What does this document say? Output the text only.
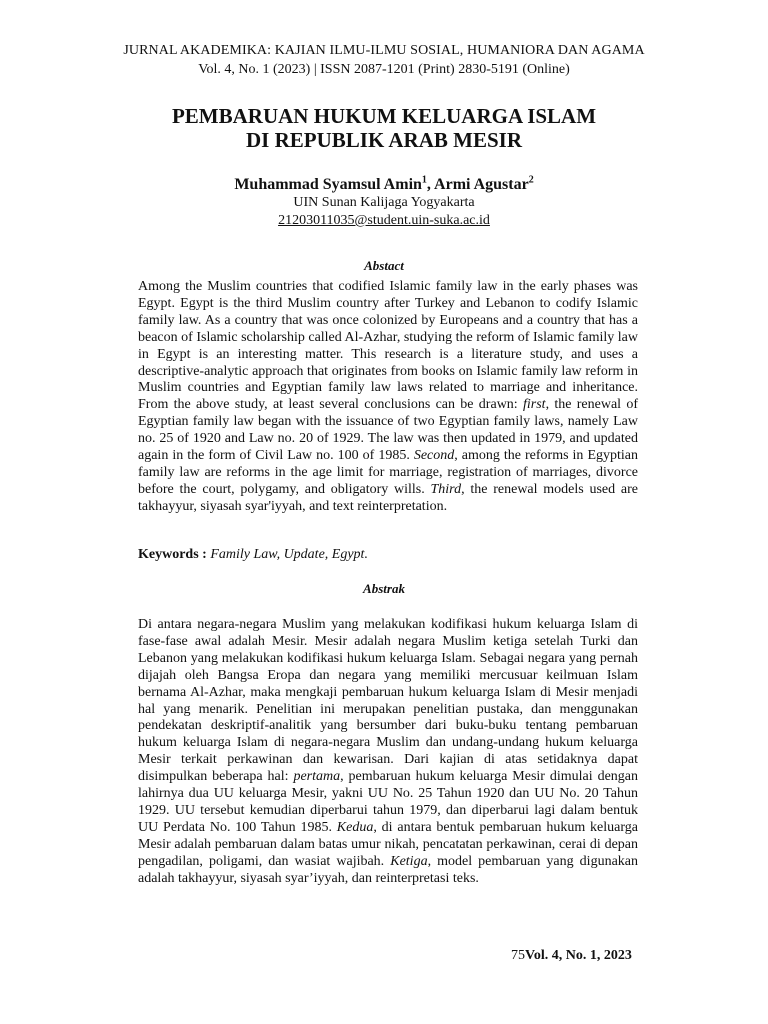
JURNAL AKADEMIKA: KAJIAN ILMU-ILMU SOSIAL, HUMANIORA DAN AGAMA
Vol. 4, No. 1 (2023) | ISSN 2087-1201 (Print) 2830-5191 (Online)
PEMBARUAN HUKUM KELUARGA ISLAM
DI REPUBLIK ARAB MESIR
Muhammad Syamsul Amin$^1$, Armi Agustar$^2$
UIN Sunan Kalijaga Yogyakarta
21203011035@student.uin-suka.ac.id
Abstact
Among the Muslim countries that codified Islamic family law in the early phases was Egypt. Egypt is the third Muslim country after Turkey and Lebanon to codify Islamic family law. As a country that was once colonized by Europeans and a country that has a beacon of Islamic scholarship called Al-Azhar, studying the reform of Islamic family law in Egypt is an interesting matter. This research is a literature study, and uses a descriptive-analytic approach that originates from books on Islamic family law reform in Muslim countries and Egyptian family law laws related to marriage and inheritance. From the above study, at least several conclusions can be drawn: first, the renewal of Egyptian family law began with the issuance of two Egyptian family laws, namely Law no. 25 of 1920 and Law no. 20 of 1929. The law was then updated in 1979, and updated again in the form of Civil Law no. 100 of 1985. Second, among the reforms in Egyptian family law are reforms in the age limit for marriage, registration of marriages, divorce before the court, polygamy, and obligatory wills. Third, the renewal models used are takhayyur, siyasah syar'iyyah, and text reinterpretation.
Keywords : Family Law, Update, Egypt.
Abstrak
Di antara negara-negara Muslim yang melakukan kodifikasi hukum keluarga Islam di fase-fase awal adalah Mesir. Mesir adalah negara Muslim ketiga setelah Turki dan Lebanon yang melakukan kodifikasi hukum keluarga Islam. Sebagai negara yang pernah dijajah oleh Bangsa Eropa dan negara yang memiliki mercusuar keilmuan Islam bernama Al-Azhar, maka mengkaji pembaruan hukum keluarga Islam di Mesir menjadi hal yang menarik. Penelitian ini merupakan penelitian pustaka, dan menggunakan pendekatan deskriptif-analitik yang bersumber dari buku-buku tentang pembaruan hukum keluarga Islam di negara-negara Muslim dan undang-undang hukum keluarga Mesir terkait perkawinan dan kewarisan. Dari kajian di atas setidaknya dapat disimpulkan beberapa hal: pertama, pembaruan hukum keluarga Mesir dimulai dengan lahirnya dua UU keluarga Mesir, yakni UU No. 25 Tahun 1920 dan UU No. 20 Tahun 1929. UU tersebut kemudian diperbarui tahun 1979, dan diperbarui lagi dalam bentuk UU Perdata No. 100 Tahun 1985. Kedua, di antara bentuk pembaruan hukum keluarga Mesir adalah pembaruan dalam batas umur nikah, pencatatan perkawinan, cerai di depan pengadilan, poligami, dan wasiat wajibah. Ketiga, model pembaruan yang digunakan adalah takhayyur, siyasah syar’iyyah, dan reinterpretasi teks.
75Vol. 4, No. 1, 2023
